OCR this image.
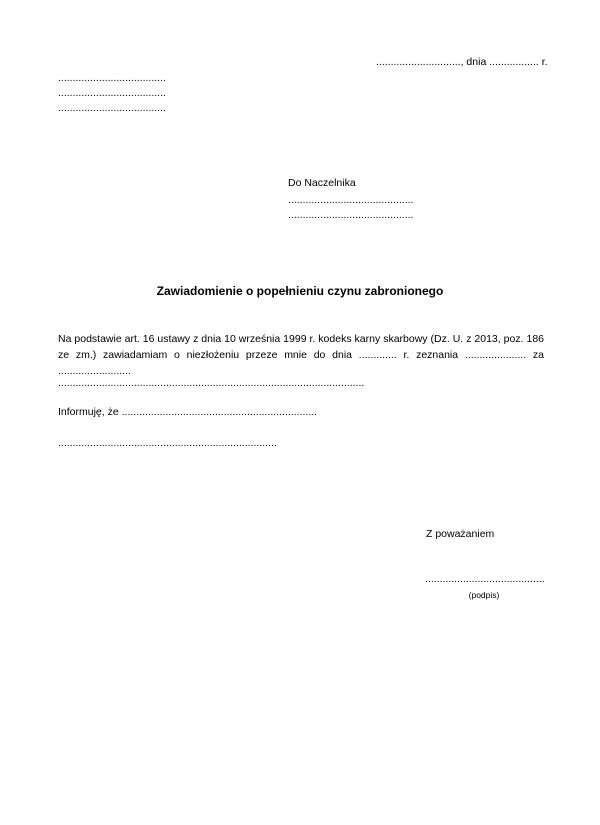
............................., dnia ................. r.
.....................................
.....................................
.....................................
Do Naczelnika
...........................................
...........................................
Zawiadomienie o popełnieniu czynu zabronionego
Na podstawie art. 16 ustawy z dnia 10 września 1999 r. kodeks karny skarbowy (Dz. U. z 2013, poz. 186 ze zm.) zawiadamiam o niezłożeniu przeze mnie do dnia ............. r. zeznania ..................... za .........................
.........................................................................................................
Informuję, że ...................................................................
...........................................................................
Z poważaniem
.........................................
(podpis)
